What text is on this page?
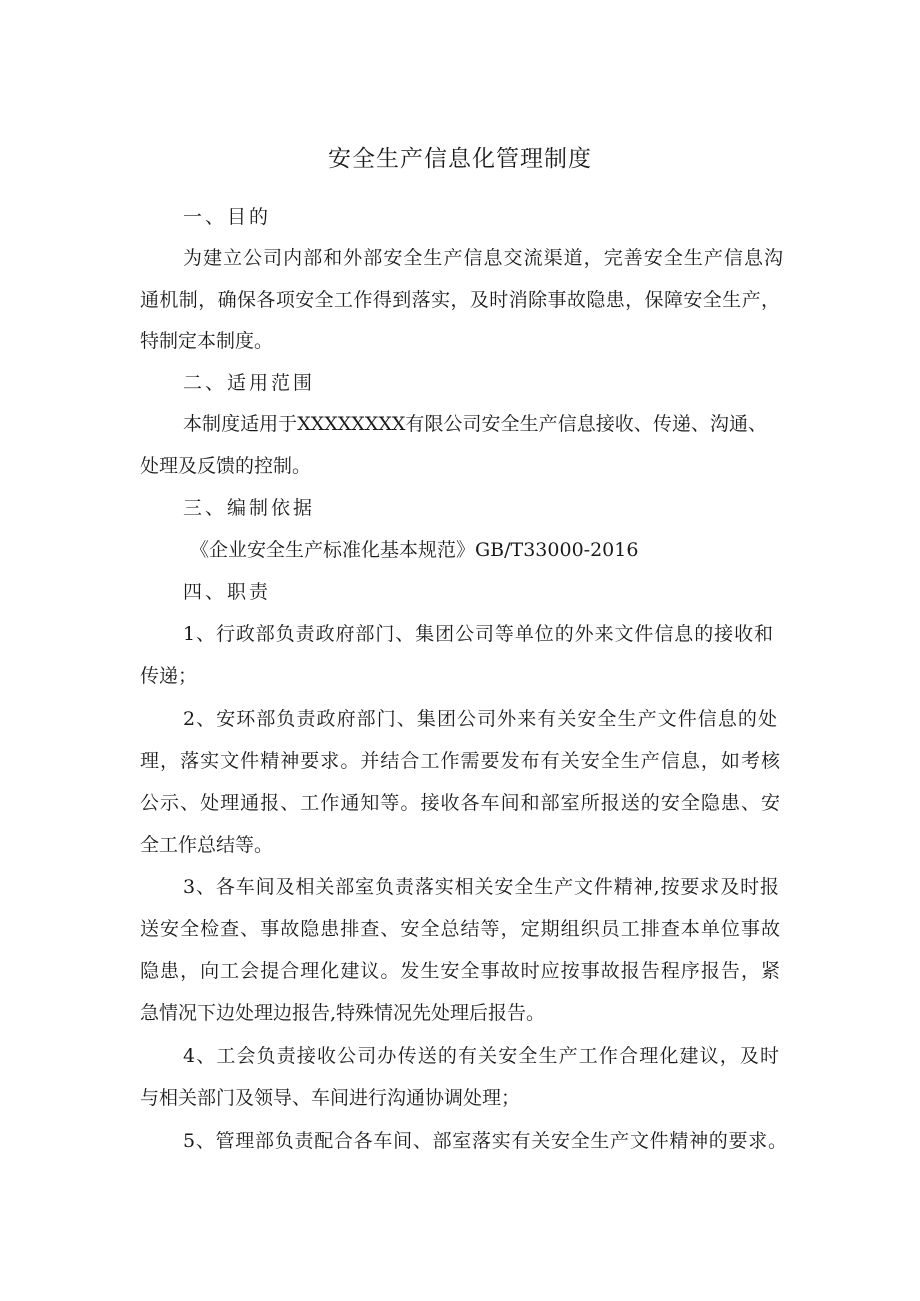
安全生产信息化管理制度
一、目的
为建立公司内部和外部安全生产信息交流渠道，完善安全生产信息沟
通机制，确保各项安全工作得到落实，及时消除事故隐患，保障安全生产，
特制定本制度。
二、适用范围
本制度适用于XXXXXXXX有限公司安全生产信息接收、传递、沟通、
处理及反馈的控制。
三、编制依据
《企业安全生产标准化基本规范》GB/T33000-2016
四、职责
1、行政部负责政府部门、集团公司等单位的外来文件信息的接收和
传递；
2、安环部负责政府部门、集团公司外来有关安全生产文件信息的处
理，落实文件精神要求。并结合工作需要发布有关安全生产信息，如考核
公示、处理通报、工作通知等。接收各车间和部室所报送的安全隐患、安
全工作总结等。
3、各车间及相关部室负责落实相关安全生产文件精神,按要求及时报
送安全检查、事故隐患排查、安全总结等，定期组织员工排查本单位事故
隐患，向工会提合理化建议。发生安全事故时应按事故报告程序报告，紧
急情况下边处理边报告,特殊情况先处理后报告。
4、工会负责接收公司办传送的有关安全生产工作合理化建议，及时
与相关部门及领导、车间进行沟通协调处理；
5、管理部负责配合各车间、部室落实有关安全生产文件精神的要求。
